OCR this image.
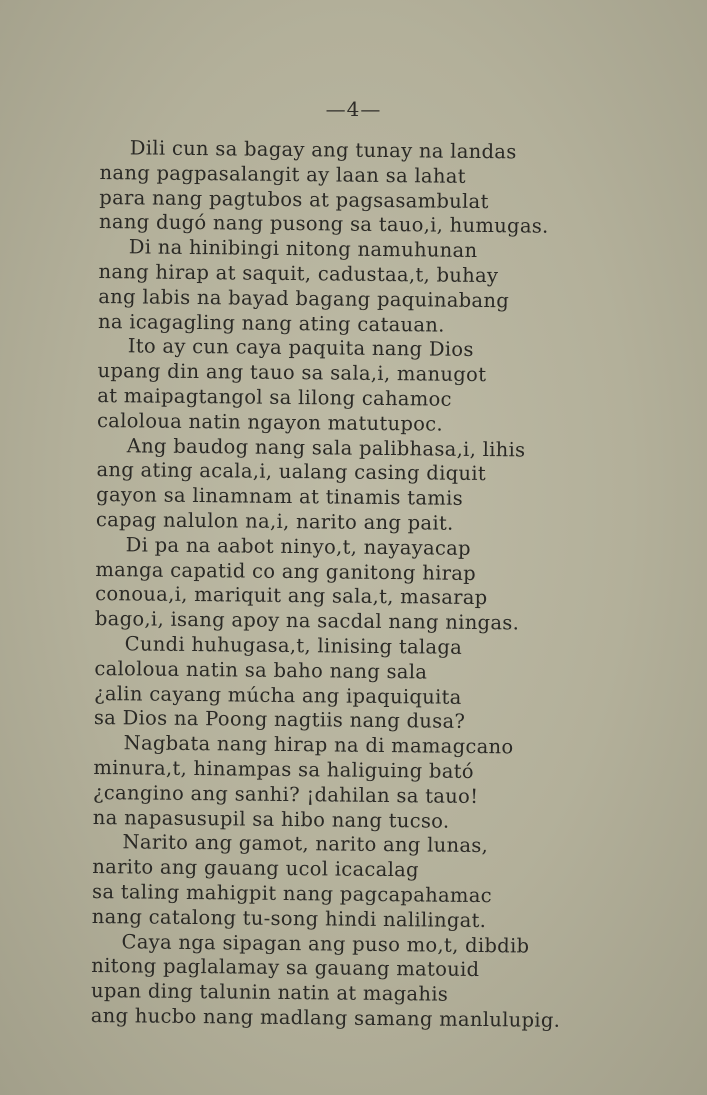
—4—
Dili cun sa bagay ang tunay na landas
nang pagpasalangit ay laan sa lahat
para nang pagtubos at pagsasambulat
nang dugó nang pusong sa tauo,i, humugas.
Di na hinibingi nitong namuhunan
nang hirap at saquit, cadustaa,t, buhay
ang labis na bayad bagang paquinabang
na icagagling nang ating catauan.
Ito ay cun caya paquita nang Dios
upang din ang tauo sa sala,i, manugot
at maipagtangol sa lilong cahamoc
caloloua natin ngayon matutupoc.
Ang baudog nang sala palibhasa,i, lihis
ang ating acala,i, ualang casing diquit
gayon sa linamnam at tinamis tamis
capag nalulon na,i, narito ang pait.
Di pa na aabot ninyo,t, nayayacap
manga capatid co ang ganitong hirap
conoua,i, mariquit ang sala,t, masarap
bago,i, isang apoy na sacdal nang ningas.
Cundi huhugasa,t, linising talaga
caloloua natin sa baho nang sala
¿alin cayang múcha ang ipaquiquita
sa Dios na Poong nagtiis nang dusa?
Nagbata nang hirap na di mamagcano
minura,t, hinampas sa haliguing bató
¿cangino ang sanhi? ¡dahilan sa tauo!
na napasusupil sa hibo nang tucso.
Narito ang gamot, narito ang lunas,
narito ang gauang ucol icacalag
sa taling mahigpit nang pagcapahamac
nang catalong tu-song hindi nalilingat.
Caya nga sipagan ang puso mo,t, dibdib
nitong paglalamay sa gauang matouid
upan ding talunin natin at magahis
ang hucbo nang madlang samang manlulupig.
